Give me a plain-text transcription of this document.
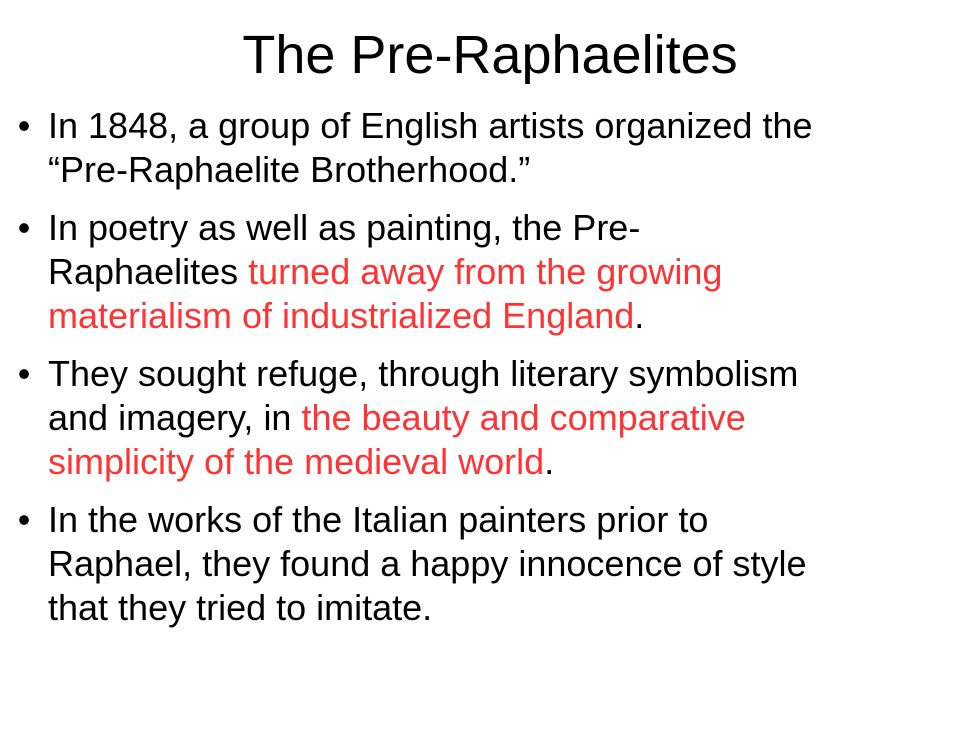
The Pre-Raphaelites
• In 1848, a group of English artists organized the
“Pre-Raphaelite Brotherhood.”
• In poetry as well as painting, the Pre-
Raphaelites turned away from the growing
materialism of industrialized England.
• They sought refuge, through literary symbolism
and imagery, in the beauty and comparative
simplicity of the medieval world.
• In the works of the Italian painters prior to
Raphael, they found a happy innocence of style
that they tried to imitate.
